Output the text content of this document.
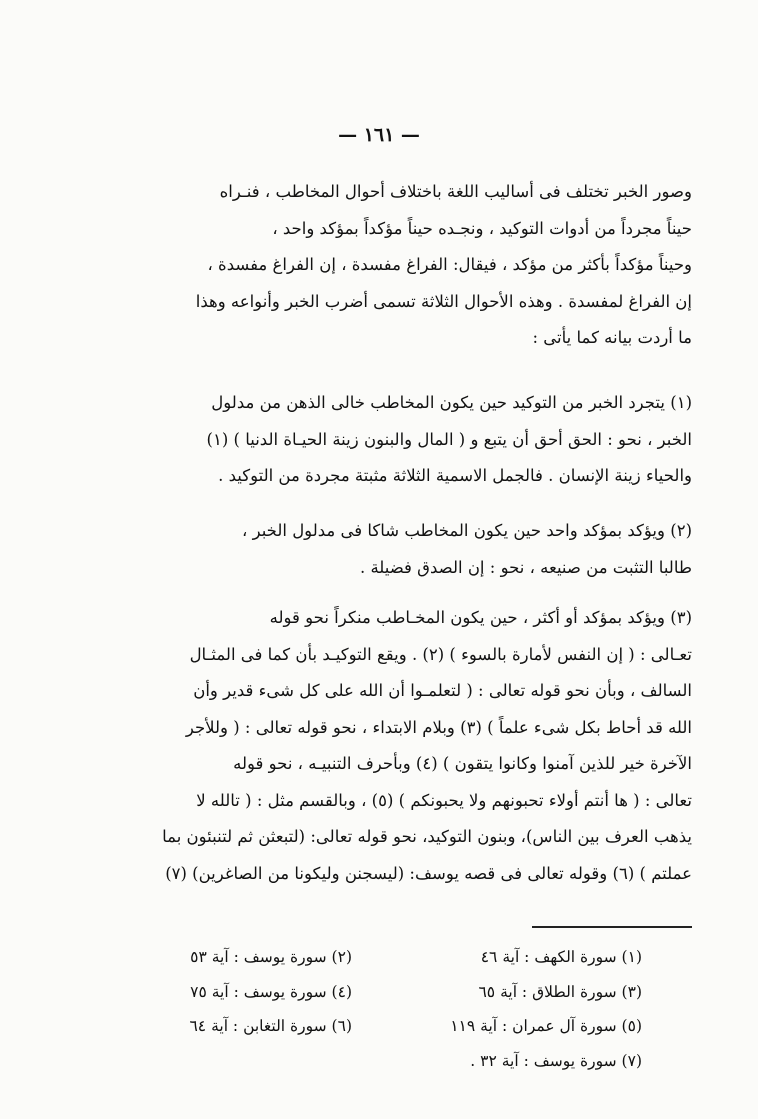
— ١٦١ —
وصور الخبر تختلف فى أساليب اللغة باختلاف أحوال المخاطب ، فنـراه
حيناً مجرداً من أدوات التوكيد ، ونجـده حيناً مؤكداً بمؤكد واحد ،
وحيناً مؤكداً بأكثر من مؤكد ، فيقال: الفراغ مفسدة ، إن الفراغ مفسدة ،
إن الفراغ لمفسدة . وهذه الأحوال الثلاثة تسمى أضرب الخبر وأنواعه وهذا
ما أردت بيانه كما يأتى :
(١) يتجرد الخبر من التوكيد حين يكون المخاطب خالى الذهن من مدلول
الخبر ، نحو : الحق أحق أن يتبع و ( المال والبنون زينة الحيـاة الدنيا ) (١)
والحياء زينة الإنسان . فالجمل الاسمية الثلاثة مثبتة مجردة من التوكيد .
(٢) ويؤكد بمؤكد واحد حين يكون المخاطب شاكا فى مدلول الخبر ،
طالبا التثبت من صنيعه ، نحو : إن الصدق فضيلة .
(٣) ويؤكد بمؤكد أو أكثر ، حين يكون المخـاطب منكراً نحو قوله
تعـالى : ( إن النفس لأمارة بالسوء ) (٢) . ويقع التوكيـد بأن كما فى المثـال
السالف ، وبأن نحو قوله تعالى : ( لتعلمـوا أن الله على كل شىء قدير وأن
الله قد أحاط بكل شىء علماً ) (٣) وبلام الابتداء ، نحو قوله تعالى : ( وللأجر
الآخرة خير للذين آمنوا وكانوا يتقون ) (٤) وبأحرف التنبيـه ، نحو قوله
تعالى : ( ها أنتم أولاء تحبونهم ولا يحبونكم ) (٥) ، وبالقسم مثل : ( تالله لا
يذهب العرف بين الناس)، وبنون التوكيد، نحو قوله تعالى: (لتبعثن ثم لتنبئون بما
عملتم ) (٦) وقوله تعالى فى قصه يوسف: (ليسجنن وليكونا من الصاغرين) (٧)
(١) سورة الكهف : آية ٤٦
(٢) سورة يوسف : آية ٥٣
(٣) سورة الطلاق : آية ٦٥
(٤) سورة يوسف : آية ٧٥
(٥) سورة آل عمران : آية ١١٩
(٦) سورة التغابن : آية ٦٤
(٧) سورة يوسف : آية ٣٢ .
